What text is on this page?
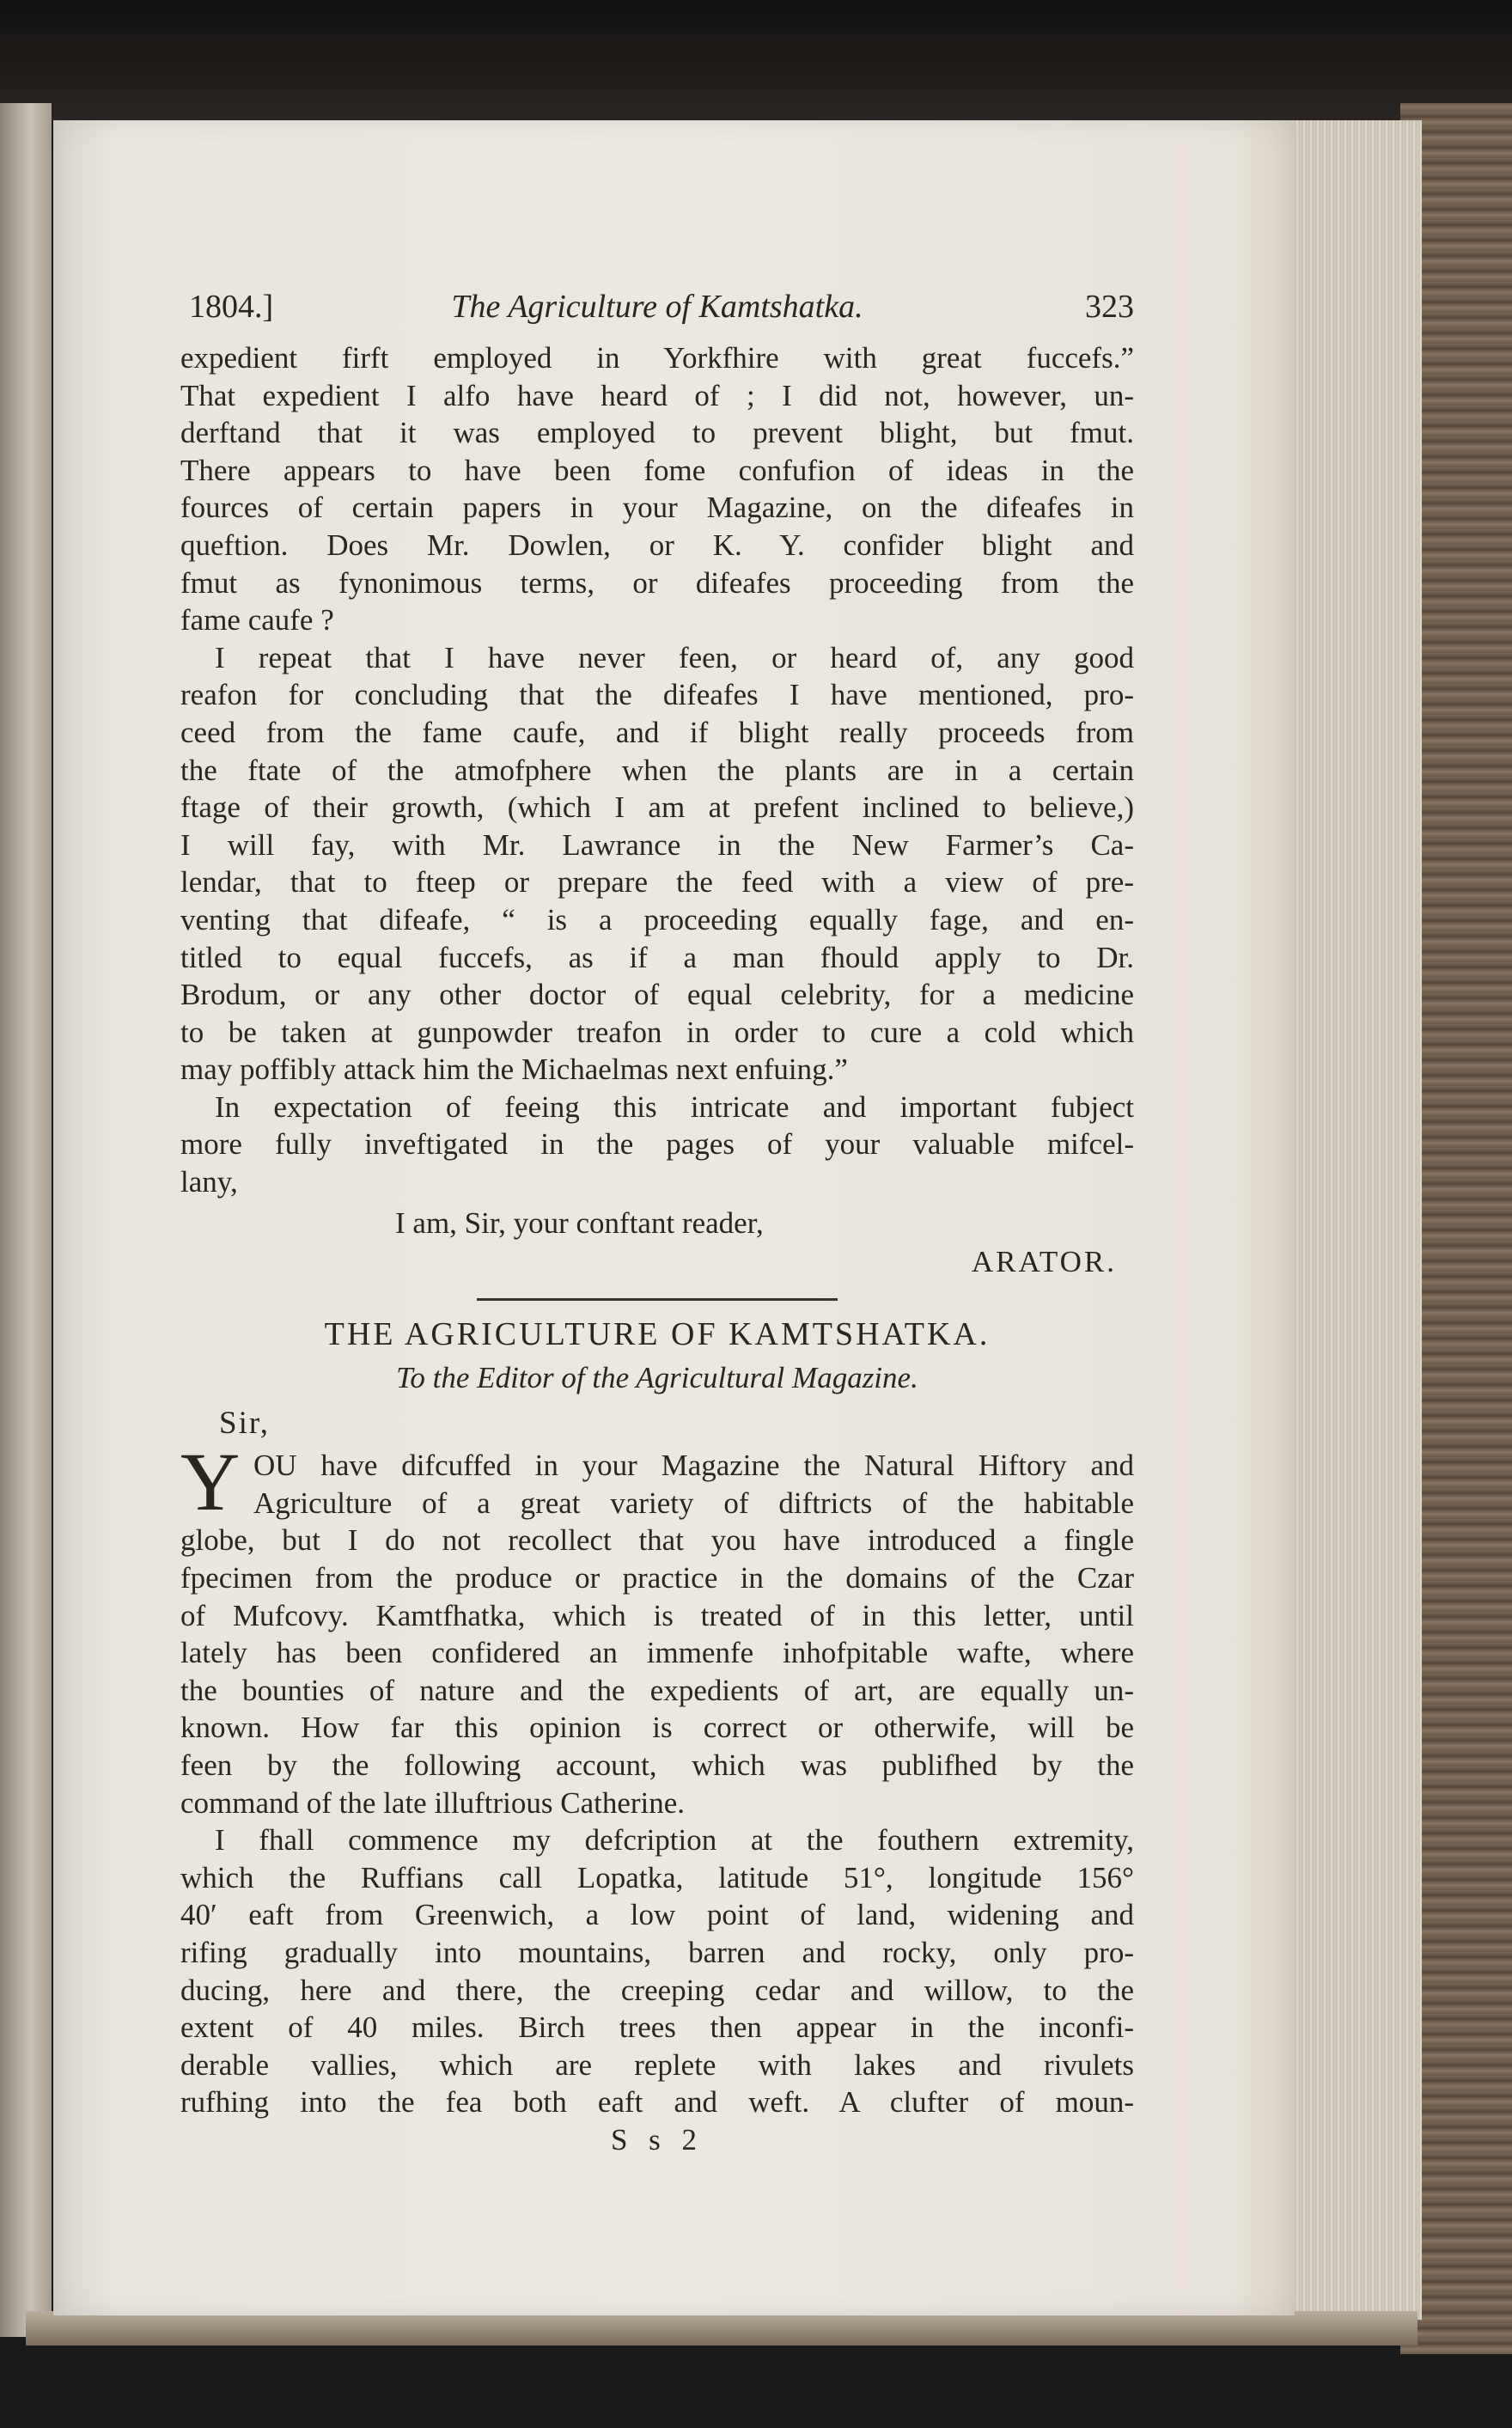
1804.]	The Agriculture of Kamtshatka.	323
expedient firft employed in Yorkfhire with great fuccefs.”
That expedient I alfo have heard of ; I did not, however, un-
derftand that it was employed to prevent blight, but fmut.
There appears to have been fome confufion of ideas in the
fources of certain papers in your Magazine, on the difeafes in
queftion. Does Mr. Dowlen, or K. Y. confider blight and
fmut as fynonimous terms, or difeafes proceeding from the
fame caufe ?
I repeat that I have never feen, or heard of, any good
reafon for concluding that the difeafes I have mentioned, pro-
ceed from the fame caufe, and if blight really proceeds from
the ftate of the atmofphere when the plants are in a certain
ftage of their growth, (which I am at prefent inclined to believe,)
I will fay, with Mr. Lawrance in the New Farmer’s Ca-
lendar, that to fteep or prepare the feed with a view of pre-
venting that difeafe, “ is a proceeding equally fage, and en-
titled to equal fuccefs, as if a man fhould apply to Dr.
Brodum, or any other doctor of equal celebrity, for a medicine
to be taken at gunpowder treafon in order to cure a cold which
may poffibly attack him the Michaelmas next enfuing.”
In expectation of feeing this intricate and important fubject
more fully inveftigated in the pages of your valuable mifcel-
lany,
I am, Sir, your conftant reader,
ARATOR.
THE AGRICULTURE OF KAMTSHATKA.
To the Editor of the Agricultural Magazine.
Sir,
Y OU have difcuffed in your Magazine the Natural Hiftory and
Agriculture of a great variety of diftricts of the habitable
globe, but I do not recollect that you have introduced a fingle
fpecimen from the produce or practice in the domains of the Czar
of Mufcovy. Kamtfhatka, which is treated of in this letter, until
lately has been confidered an immenfe inhofpitable wafte, where
the bounties of nature and the expedients of art, are equally un-
known. How far this opinion is correct or otherwife, will be
feen by the following account, which was publifhed by the
command of the late illuftrious Catherine.
I fhall commence my defcription at the fouthern extremity,
which the Ruffians call Lopatka, latitude 51°, longitude 156°
40′ eaft from Greenwich, a low point of land, widening and
rifing gradually into mountains, barren and rocky, only pro-
ducing, here and there, the creeping cedar and willow, to the
extent of 40 miles. Birch trees then appear in the inconfi-
derable vallies, which are replete with lakes and rivulets
rufhing into the fea both eaft and weft. A clufter of moun-
S s 2
